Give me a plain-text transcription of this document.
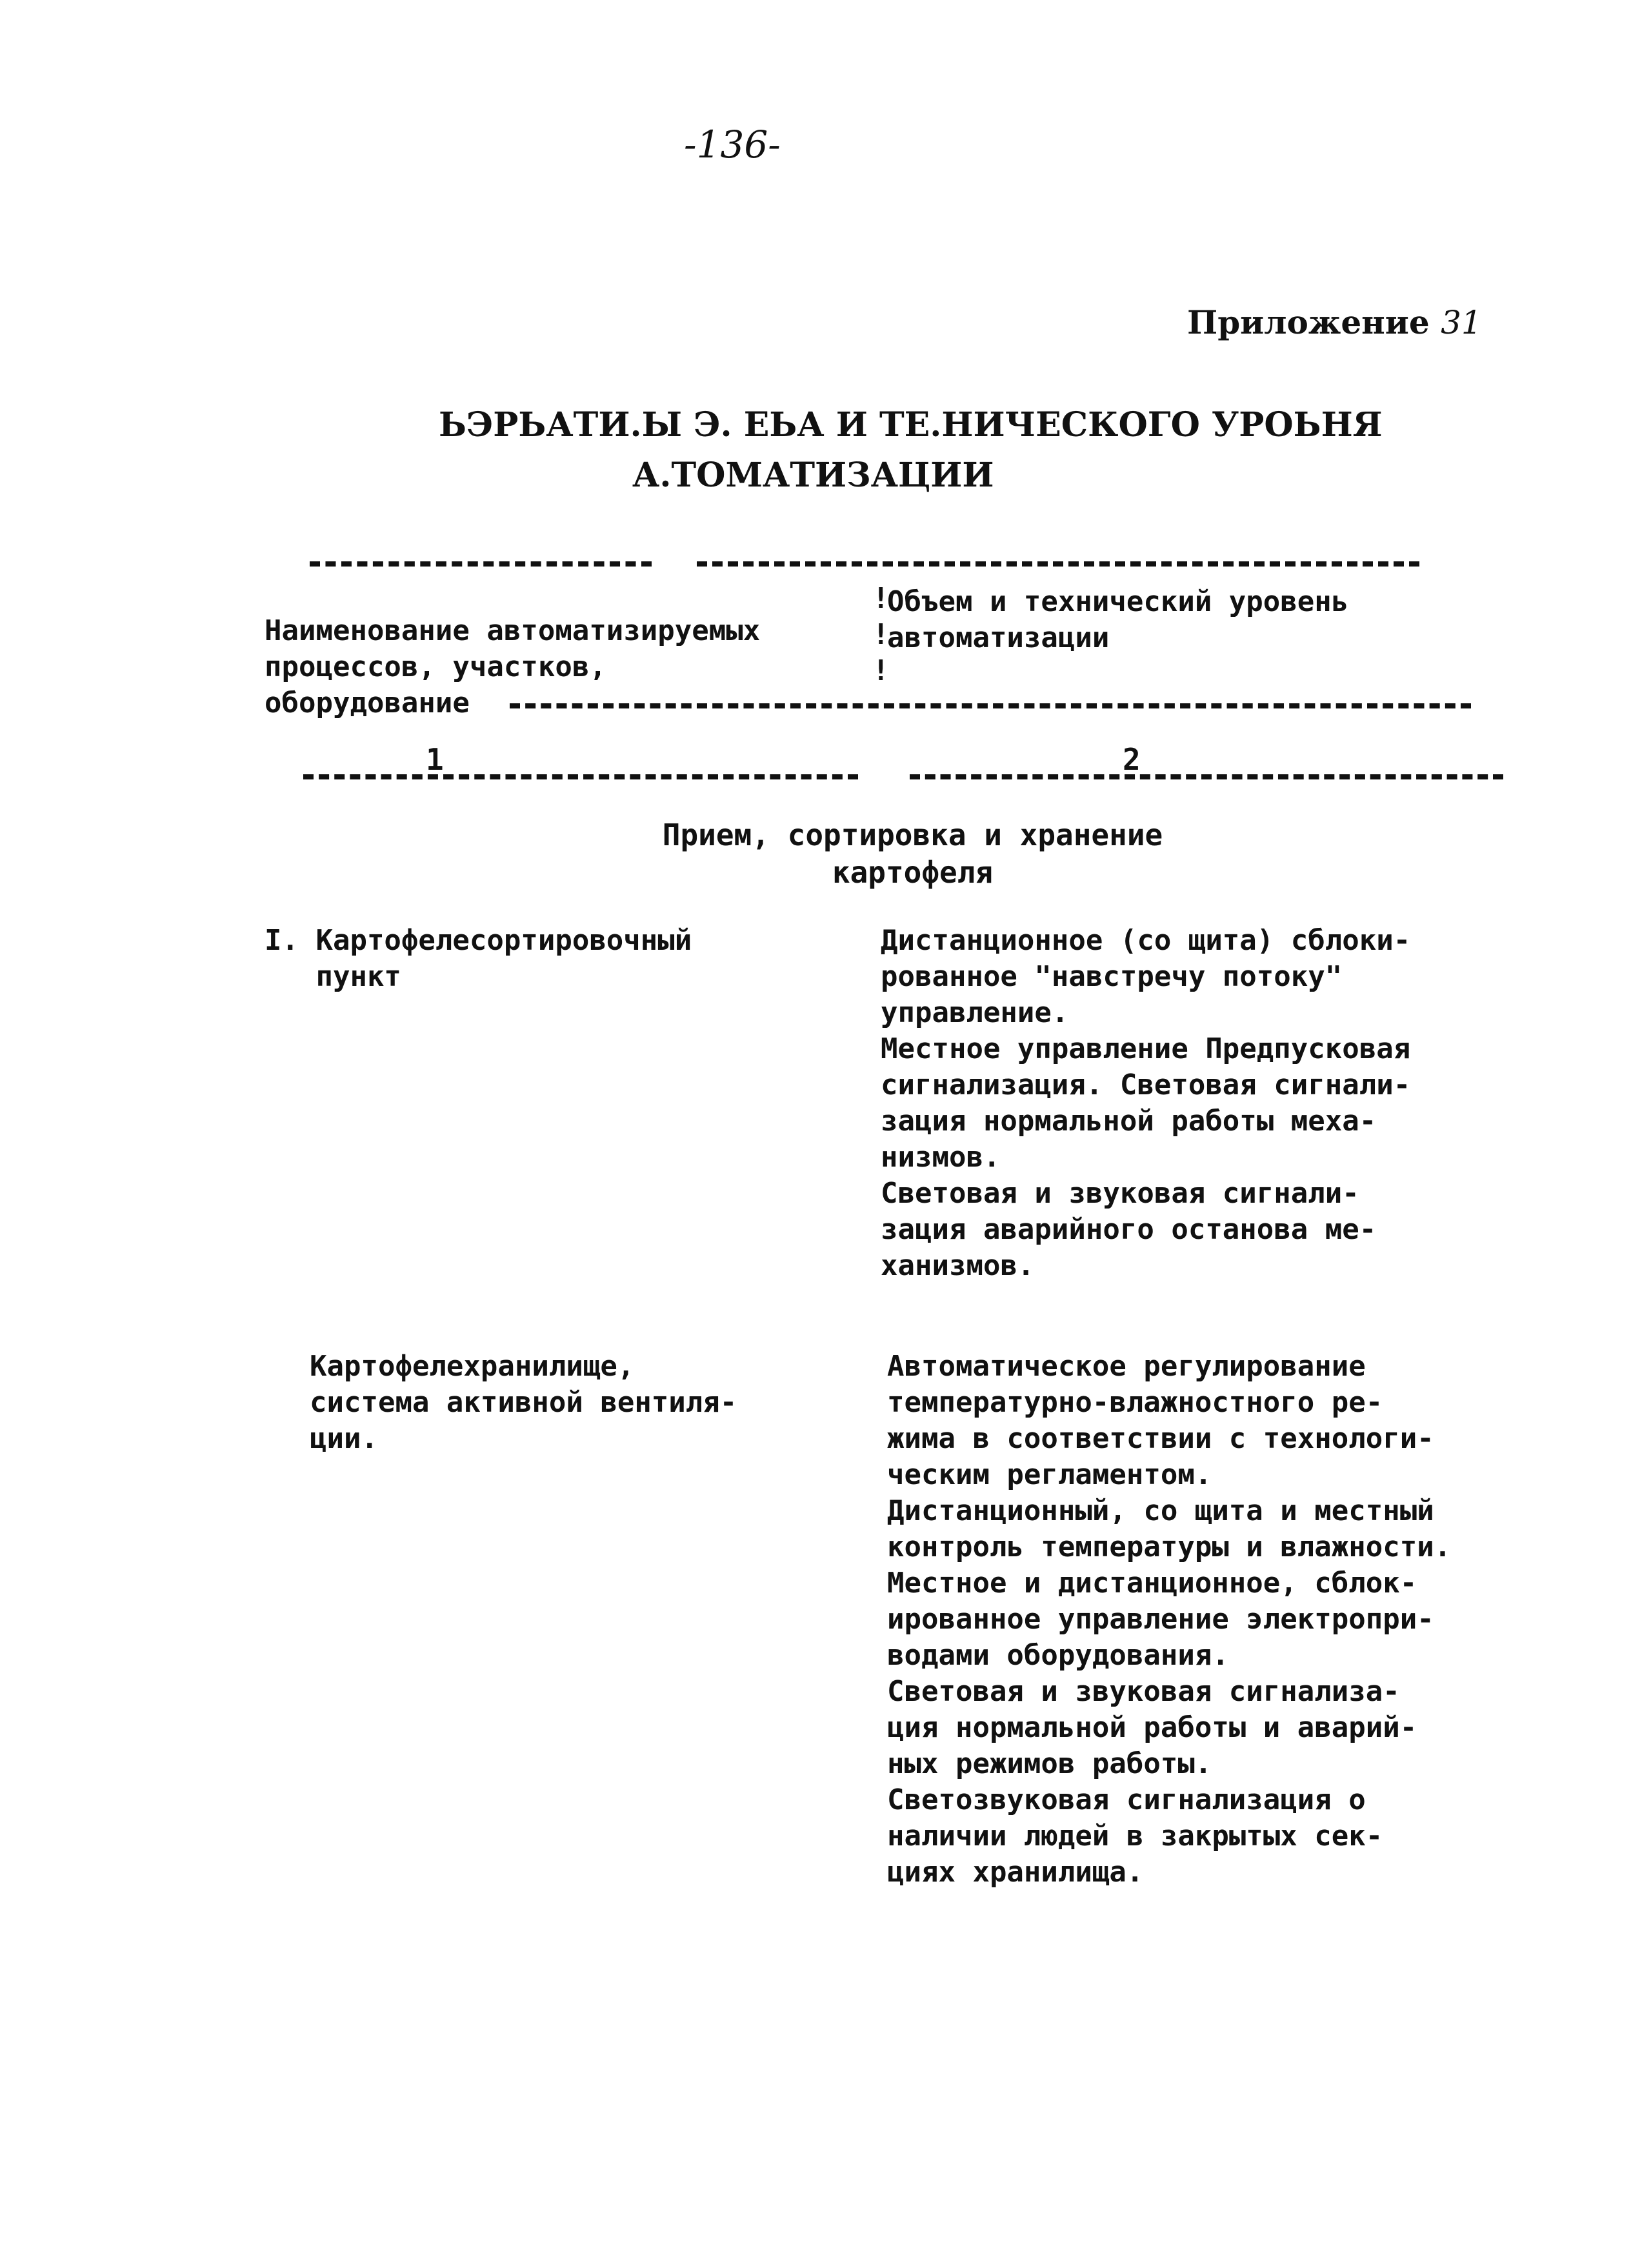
-136-
Приложение 31
ЬЭРЬАТИ.Ы Э. ЕЬА И ТЕ.НИЧЕСКОГО УРОЬНЯ
А.ТОМАТИЗАЦИИ
!
!
!
Наименование автоматизируемых
процессов, участков,
оборудование
Объем и технический уровень
автоматизации
1	2
Прием, сортировка и хранение
картофеля
I. Картофелесортировочный
пункт
Дистанционное (со щита) сблоки-
рованное "навстречу потоку"
управление.
Местное управление Предпусковая
сигнализация. Световая сигнали-
зация нормальной работы меха-
низмов.
Световая и звуковая сигнали-
зация аварийного останова ме-
ханизмов.
Картофелехранилище,
система активной вентиля-
ции.
Автоматическое регулирование
температурно-влажностного ре-
жима в соответствии с технологи-
ческим регламентом.
Дистанционный, со щита и местный
контроль температуры и влажности.
Местное и дистанционное, сблок-
ированное управление электропри-
водами оборудования.
Световая и звуковая сигнализа-
ция нормальной работы и аварий-
ных режимов работы.
Светозвуковая сигнализация о
наличии людей в закрытых сек-
циях хранилища.
